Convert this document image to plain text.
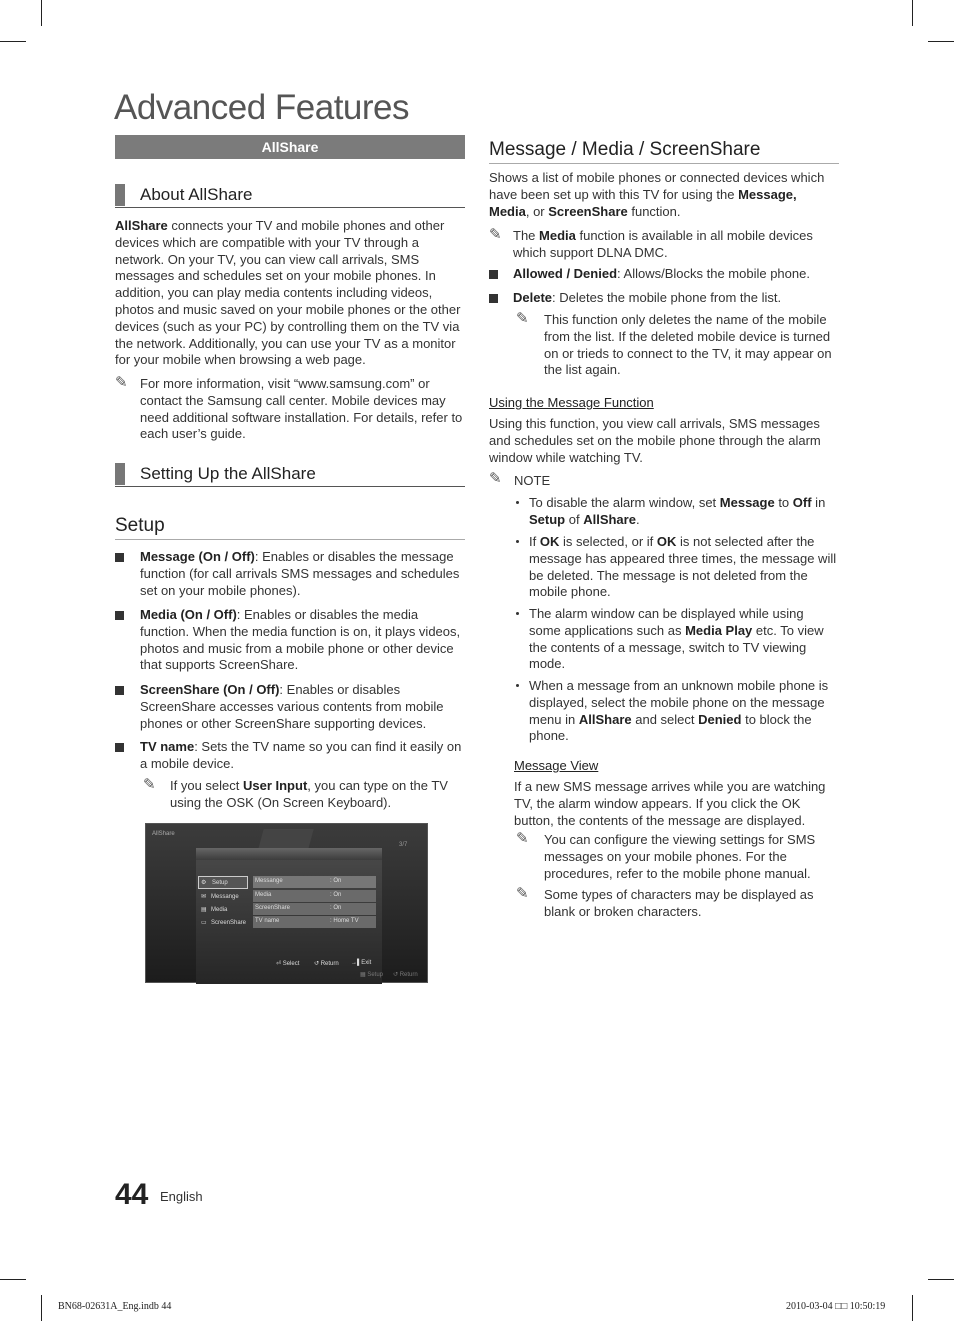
Advanced Features
AllShare
About AllShare

AllShare connects your TV and mobile phones and other devices which are compatible with your TV through a network. On your TV, you can view call arrivals, SMS messages and schedules set on your mobile phones. In addition, you can play media contents including videos, photos and music saved on your mobile phones or the other devices (such as your PC) by controlling them on the TV via the network. Additionally, you can use your TV as a monitor for your mobile when browsing a web page.

✎ For more information, visit “www.samsung.com” or contact the Samsung call center. Mobile devices may need additional software installation. For details, refer to each user’s guide.
Setting Up the AllShare
Setup

Message (On / Off): Enables or disables the message function (for call arrivals SMS messages and schedules set on your mobile phones).

Media (On / Off): Enables or disables the media function. When the media function is on, it plays videos, photos and music from a mobile phone or other device that supports ScreenShare.

ScreenShare (On / Off): Enables or disables ScreenShare accesses various contents from mobile phones or other ScreenShare supporting devices.

TV name: Sets the TV name so you can find it easily on a mobile device.

✎ If you select User Input, you can type on the TV using the OSK (On Screen Keyboard).

AllShare
3/7
⚙ Setup
✉ Messange
▤ Media
▭ ScreenShare
Messange	: On
Media	: On
ScreenShare	: On
TV name	: Home TV
⏎ Select ↺ Return →▌Exit
▦ Setup ↺ Return
Message / Media / ScreenShare

Shows a list of mobile phones or connected devices which have been set up with this TV for using the Message, Media, or ScreenShare function.

✎ The Media function is available in all mobile devices which support DLNA DMC.

Allowed / Denied: Allows/Blocks the mobile phone.

Delete: Deletes the mobile phone from the list.

✎ This function only deletes the name of the mobile from the list. If the deleted mobile device is turned on or trieds to connect to the TV, it may appear on the list again.
Using the Message Function
Using this function, you view call arrivals, SMS messages and schedules set on the mobile phone through the alarm window while watching TV.
✎ NOTE

To disable the alarm window, set Message to Off in Setup of AllShare.

If OK is selected, or if OK is not selected after the message has appeared three times, the message will be deleted. The message is not deleted from the mobile phone.

The alarm window can be displayed while using some applications such as Media Play etc. To view the contents of a message, switch to TV viewing mode.

When a message from an unknown mobile phone is displayed, select the mobile phone on the message menu in AllShare and select Denied to block the phone.

Message View
If a new SMS message arrives while you are watching TV, the alarm window appears. If you click the OK button, the contents of the message are displayed.
✎ You can configure the viewing settings for SMS messages on your mobile phones. For the procedures, refer to the mobile phone manual.
✎ Some types of characters may be displayed as blank or broken characters.
44 English
BN68-02631A_Eng.indb 44	2010-03-04 □□ 10:50:19
